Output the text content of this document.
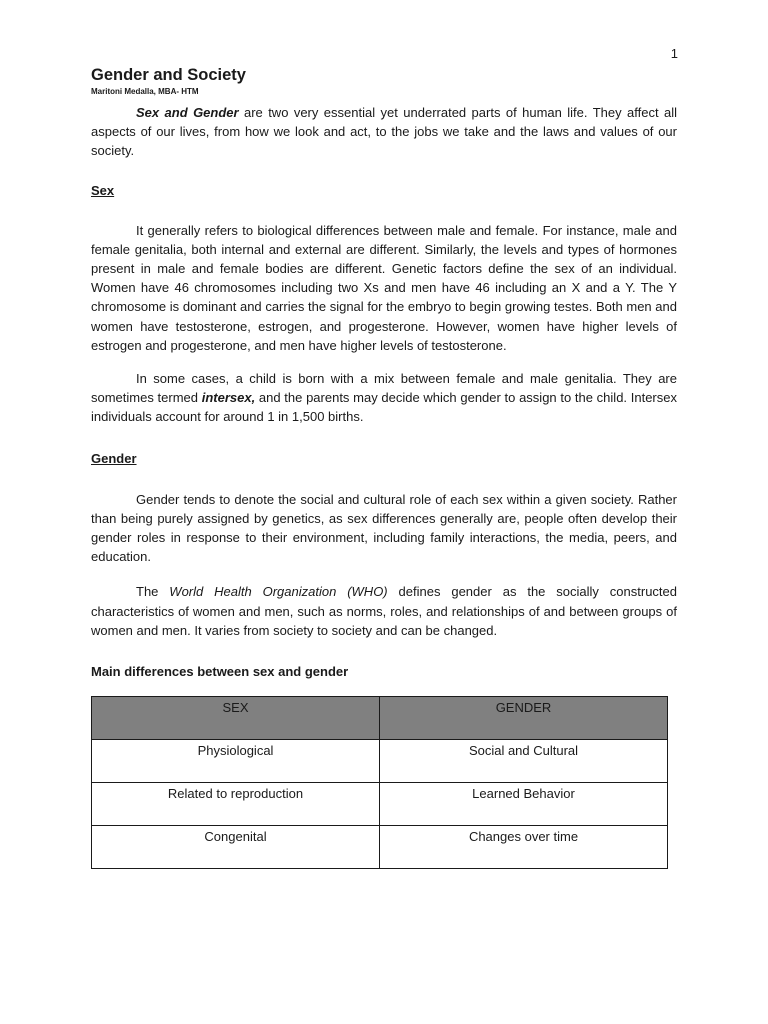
1
Gender and Society
Maritoni Medalla, MBA- HTM

Sex and Gender are two very essential yet underrated parts of human life. They affect all aspects of our lives, from how we look and act, to the jobs we take and the laws and values of our society.

Sex

It generally refers to biological differences between male and female. For instance, male and female genitalia, both internal and external are different. Similarly, the levels and types of hormones present in male and female bodies are different. Genetic factors define the sex of an individual. Women have 46 chromosomes including two Xs and men have 46 including an X and a Y. The Y chromosome is dominant and carries the signal for the embryo to begin growing testes. Both men and women have testosterone, estrogen, and progesterone. However, women have higher levels of estrogen and progesterone, and men have higher levels of testosterone.

In some cases, a child is born with a mix between female and male genitalia. They are sometimes termed intersex, and the parents may decide which gender to assign to the child. Intersex individuals account for around 1 in 1,500 births.

Gender

Gender tends to denote the social and cultural role of each sex within a given society. Rather than being purely assigned by genetics, as sex differences generally are, people often develop their gender roles in response to their environment, including family interactions, the media, peers, and education.

The World Health Organization (WHO) defines gender as the socially constructed characteristics of women and men, such as norms, roles, and relationships of and between groups of women and men. It varies from society to society and can be changed.

Main differences between sex and gender
SEX	GENDER
Physiological	Social and Cultural
Related to reproduction	Learned Behavior
Congenital	Changes over time
